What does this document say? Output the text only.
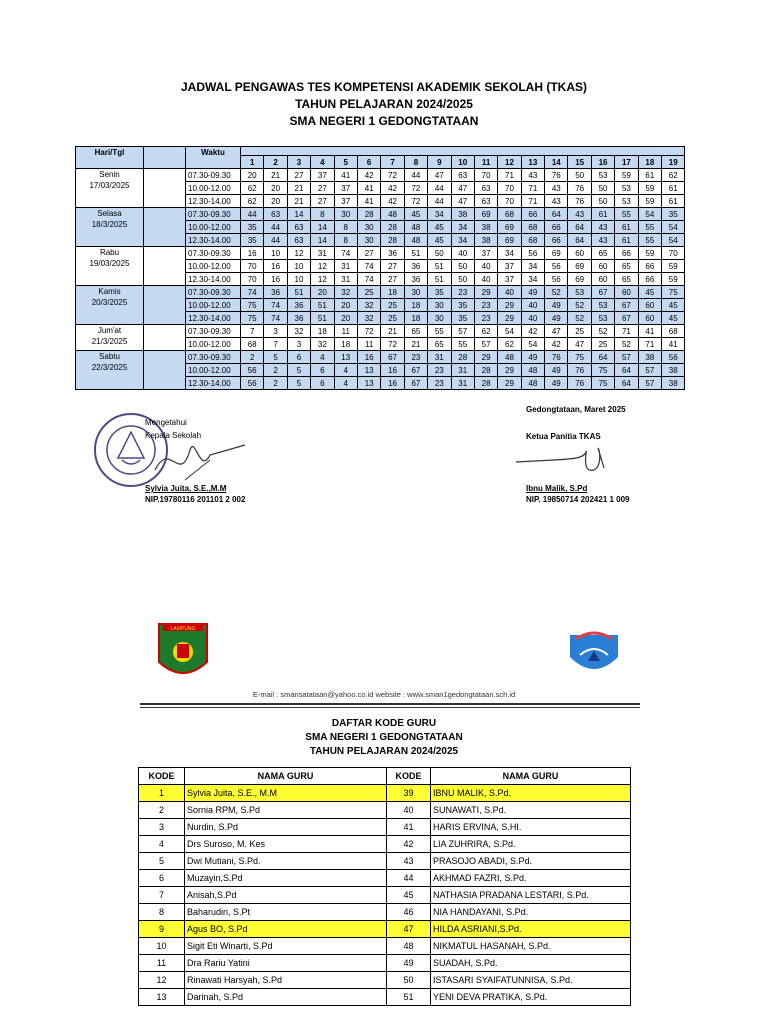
JADWAL PENGAWAS TES KOMPETENSI AKADEMIK SEKOLAH (TKAS)
TAHUN PELAJARAN 2024/2025
SMA NEGERI 1 GEDONGTATAAN
Hari/Tgl		Waktu																			
			1	2	3	4	5	6	7	8	9	10	11	12	13	14	15	16	17	18	19

Senin
17/03/2025		07.30-09.30	20	21	27	37	41	42	72	44	47	63	70	71	43	76	50	53	59	61	62
		10.00-12.00	62	20	21	27	37	41	42	72	44	47	63	70	71	43	76	50	53	59	61
		12.30-14.00	62	20	21	27	37	41	42	72	44	47	63	70	71	43	76	50	53	59	61

Selasa
18/3/2025		07.30-09.30	44	63	14	8	30	28	48	45	34	38	69	68	66	64	43	61	55	54	35
		10.00-12.00	35	44	63	14	8	30	28	48	45	34	38	69	68	66	64	43	61	55	54
		12.30-14.00	35	44	63	14	8	30	28	48	45	34	38	69	68	66	64	43	61	55	54

Rabu
19/03/2025		07.30-09.30	16	10	12	31	74	27	36	51	50	40	37	34	56	69	60	65	66	59	70
		10.00-12.00	70	16	10	12	31	74	27	36	51	50	40	37	34	56	69	60	65	66	59
		12.30-14.00	70	16	10	12	31	74	27	36	51	50	40	37	34	56	69	60	65	66	59

Kamis
20/3/2025		07.30-09.30	74	36	51	20	32	25	18	30	35	23	29	40	49	52	53	67	60	45	75
		10.00-12.00	75	74	36	51	20	32	25	18	30	35	23	29	40	49	52	53	67	60	45
		12.30-14.00	75	74	36	51	20	32	25	18	30	35	23	29	40	49	52	53	67	60	45

Jum'at
21/3/2025		07.30-09.30	7	3	32	18	11	72	21	65	55	57	62	54	42	47	25	52	71	41	68
		10.00-12.00	68	7	3	32	18	11	72	21	65	55	57	62	54	42	47	25	52	71	41

Sabtu
22/3/2025		07.30-09.30	2	5	6	4	13	16	67	23	31	28	29	48	49	76	75	64	57	38	56
		10.00-12.00	56	2	5	6	4	13	16	67	23	31	28	29	48	49	76	75	64	57	38
		12.30-14.00	56	2	5	6	4	13	16	67	23	31	28	29	48	49	76	75	64	57	38
Mengetahui
Kepala Sekolah
Sylvia Juita, S.E.,M.M
NIP.19780116 201101 2 002
Gedongtataan, Maret 2025
Ketua Panitia TKAS
Ibnu Malik, S.Pd
NIP. 19850714 202421 1 009
LAMPUNG
E-mail : smansatataan@yahoo.co.id website : www.sman1gedongtataan.sch.id
DAFTAR KODE GURU
SMA NEGERI 1 GEDONGTATAAN
TAHUN PELAJARAN 2024/2025
KODE	NAMA GURU	KODE	NAMA GURU
1	Sylvia Juita, S.E., M.M	39	IBNU MALIK, S.Pd.
2	Sornia RPM, S.Pd	40	SUNAWATI, S.Pd.
3	Nurdin, S.Pd	41	HARIS ERVINA, S.HI.
4	Drs Suroso, M. Kes	42	LIA ZUHRIRA, S.Pd.
5	Dwi Mutiani, S.Pd.	43	PRASOJO ABADI, S.Pd.
6	Muzayin,S.Pd	44	AKHMAD FAZRI, S.Pd.
7	Anisah,S.Pd	45	NATHASIA PRADANA LESTARI, S.Pd.
8	Baharudin, S.Pt	46	NIA HANDAYANI, S.Pd.
9	Agus BO, S.Pd	47	HILDA ASRIANI,S.Pd.
10	Sigit Eti Winarti, S.Pd	48	NIKMATUL HASANAH, S.Pd.
11	Dra Rariu Yatini	49	SUADAH, S.Pd.
12	Rinawati Harsyah, S.Pd	50	ISTASARI SYAIFATUNNISA, S.Pd.
13	Darinah, S.Pd	51	YENI DEVA PRATIKA, S.Pd.
